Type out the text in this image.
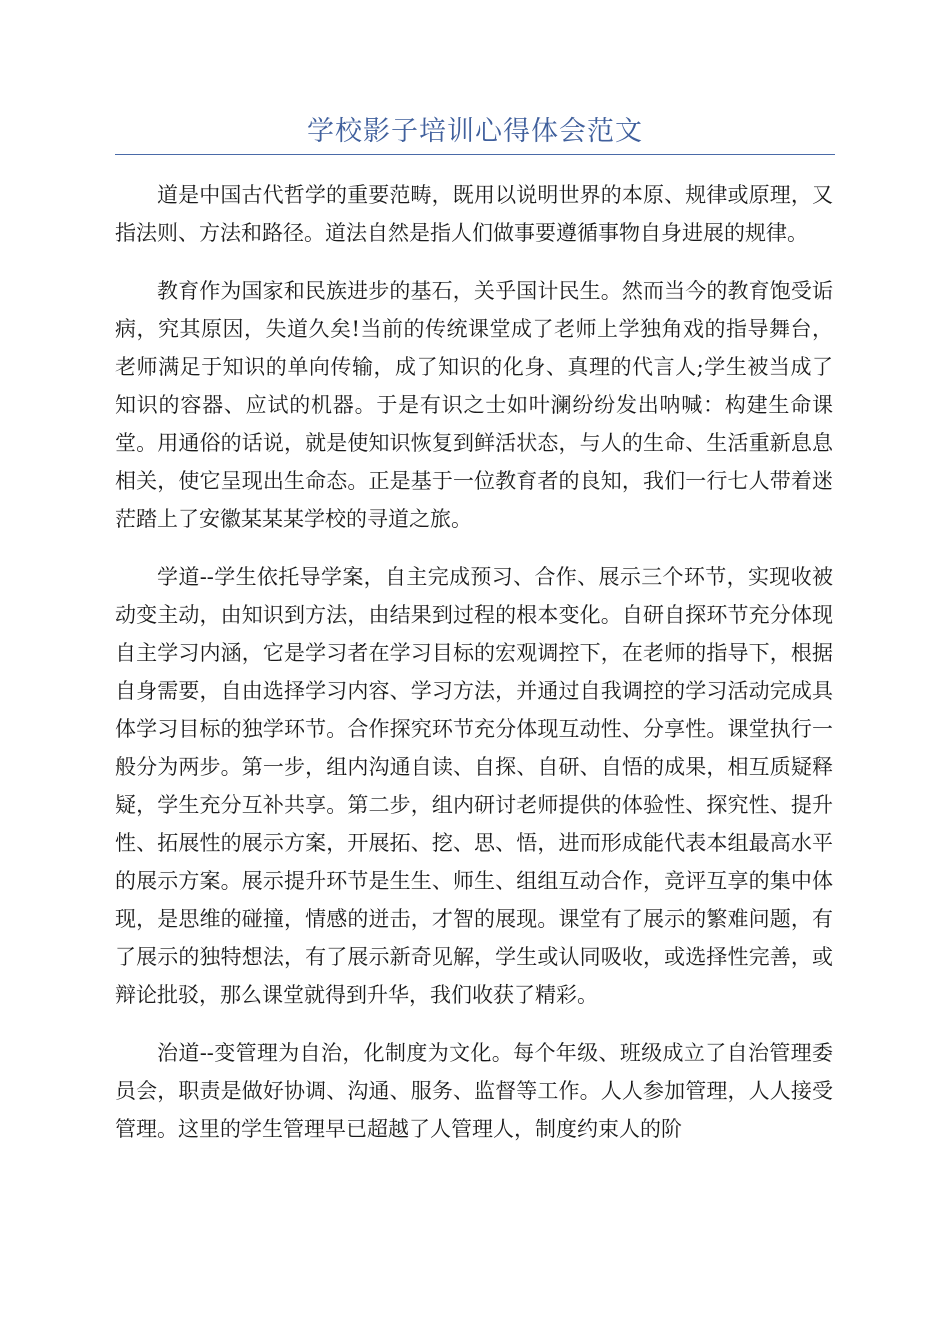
学校影子培训心得体会范文

道是中国古代哲学的重要范畴，既用以说明世界的本原、规律或原理，又指法则、方法和路径。道法自然是指人们做事要遵循事物自身进展的规律。

教育作为国家和民族进步的基石，关乎国计民生。然而当今的教育饱受诟病，究其原因，失道久矣!当前的传统课堂成了老师上学独角戏的指导舞台，老师满足于知识的单向传输，成了知识的化身、真理的代言人;学生被当成了知识的容器、应试的机器。于是有识之士如叶澜纷纷发出呐喊：构建生命课堂。用通俗的话说，就是使知识恢复到鲜活状态，与人的生命、生活重新息息相关，使它呈现出生命态。正是基于一位教育者的良知，我们一行七人带着迷茫踏上了安徽某某某学校的寻道之旅。

学道--学生依托导学案，自主完成预习、合作、展示三个环节，实现收被动变主动，由知识到方法，由结果到过程的根本变化。自研自探环节充分体现自主学习内涵，它是学习者在学习目标的宏观调控下，在老师的指导下，根据自身需要，自由选择学习内容、学习方法，并通过自我调控的学习活动完成具体学习目标的独学环节。合作探究环节充分体现互动性、分享性。课堂执行一般分为两步。第一步，组内沟通自读、自探、自研、自悟的成果，相互质疑释疑，学生充分互补共享。第二步，组内研讨老师提供的体验性、探究性、提升性、拓展性的展示方案，开展拓、挖、思、悟，进而形成能代表本组最高水平的展示方案。展示提升环节是生生、师生、组组互动合作，竞评互享的集中体现，是思维的碰撞，情感的迸击，才智的展现。课堂有了展示的繁难问题，有了展示的独特想法，有了展示新奇见解，学生或认同吸收，或选择性完善，或辩论批驳，那么课堂就得到升华，我们收获了精彩。

治道--变管理为自治，化制度为文化。每个年级、班级成立了自治管理委员会，职责是做好协调、沟通、服务、监督等工作。人人参加管理，人人接受管理。这里的学生管理早已超越了人管理人，制度约束人的阶
